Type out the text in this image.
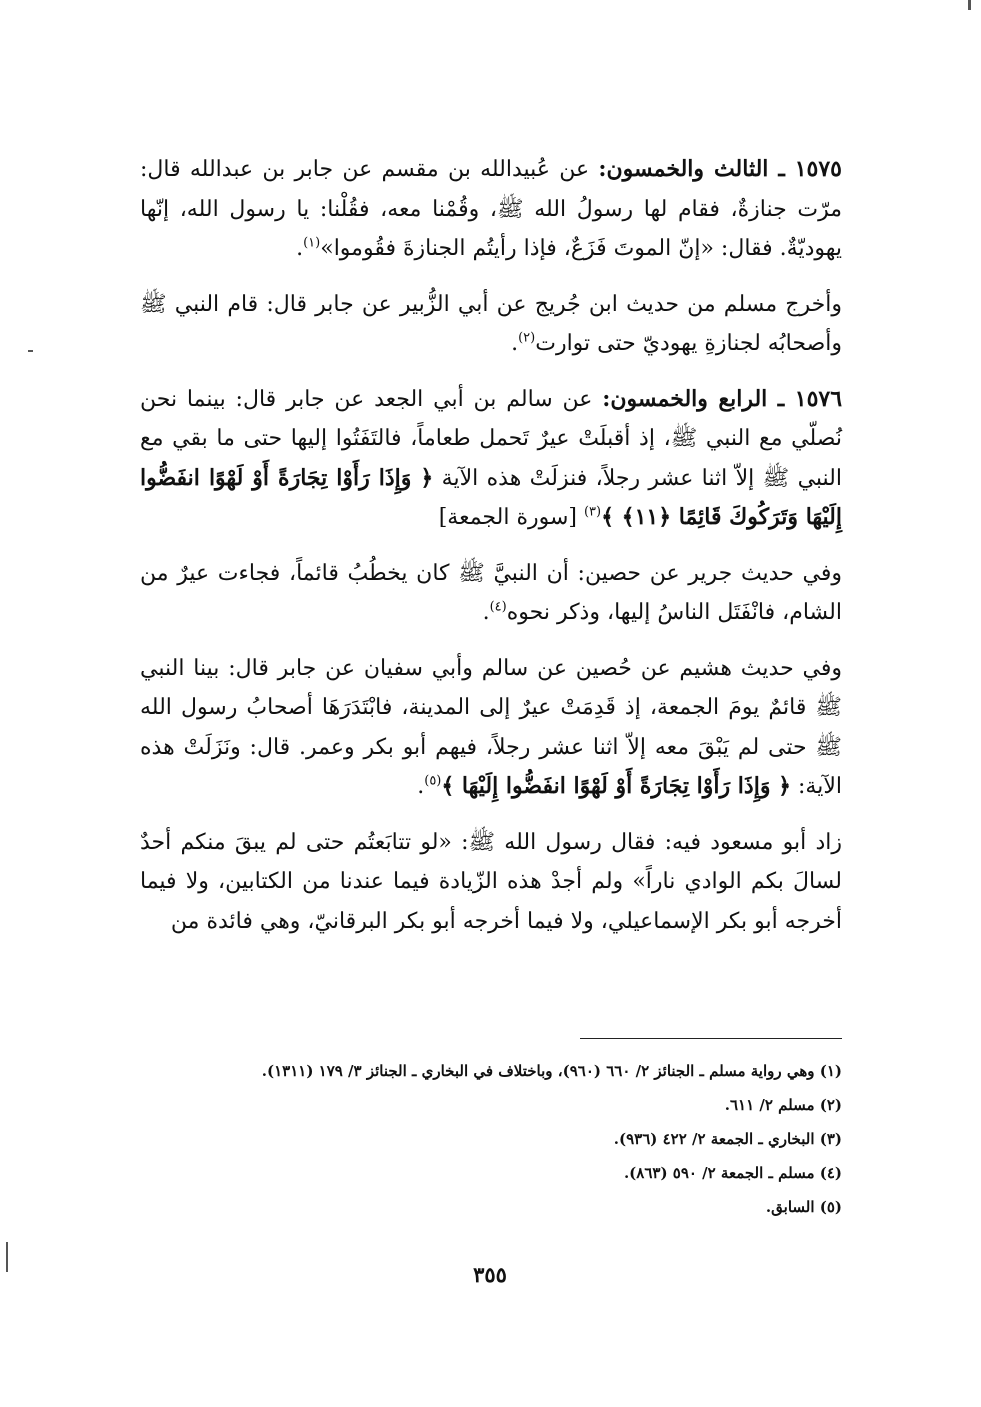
١٥٧٥ ـ الثالث والخمسون: عن عُبيدالله بن مقسم عن جابر بن عبدالله قال: مرّت جنازةٌ، فقام لها رسولُ الله ﷺ، وقُمْنا معه، فقُلْنا: يا رسول الله، إنّها يهوديّةٌ. فقال: «إنّ الموتَ فَزَعٌ، فإذا رأيتُم الجنازةَ فقُوموا»$^{(١)}$.

وأخرج مسلم من حديث ابن جُريج عن أبي الزُّبير عن جابر قال: قام النبي ﷺ وأصحابُه لجنازةِ يهوديّ حتى توارت$^{(٢)}$.

١٥٧٦ ـ الرابع والخمسون: عن سالم بن أبي الجعد عن جابر قال: بينما نحن نُصلّي مع النبي ﷺ، إذ أقبلَتْ عيرٌ تَحمل طعاماً، فالتَفَتُوا إليها حتى ما بقي مع النبي ﷺ إلاّ اثنا عشر رجلاً، فنزلَتْ هذه الآية ﴿ وَإِذَا رَأَوْا تِجَارَةً أَوْ لَهْوًا انفَضُّوا إِلَيْهَا وَتَرَكُوكَ قَائِمًا ﴿١١﴾ ﴾$^{(٣)}$ [سورة الجمعة]

وفي حديث جرير عن حصين: أن النبيَّ ﷺ كان يخطُبُ قائماً، فجاءت عيرٌ من الشام، فانْفَتَل الناسُ إليها، وذكر نحوه$^{(٤)}$.

وفي حديث هشيم عن حُصين عن سالم وأبي سفيان عن جابر قال: بينا النبي ﷺ قائمٌ يومَ الجمعة، إذ قَدِمَتْ عيرٌ إلى المدينة، فابْتَدَرَهَا أصحابُ رسول الله ﷺ حتى لم يَبْقَ معه إلاّ اثنا عشر رجلاً، فيهم أبو بكر وعمر. قال: ونَزَلَتْ هذه الآية: ﴿ وَإِذَا رَأَوْا تِجَارَةً أَوْ لَهْوًا انفَضُّوا إِلَيْهَا ﴾$^{(٥)}$.

زاد أبو مسعود فيه: فقال رسول الله ﷺ: «لو تتابَعتُم حتى لم يبقَ منكم أحدٌ لسالَ بكم الوادي ناراً» ولم أجدْ هذه الزّيادة فيما عندنا من الكتابين، ولا فيما أخرجه أبو بكر الإسماعيلي، ولا فيما أخرجه أبو بكر البرقانيّ، وهي فائدة من

(١) وهي رواية مسلم ـ الجنائز ٢/ ٦٦٠ (٩٦٠)، وباختلاف في البخاري ـ الجنائز ٣/ ١٧٩ (١٣١١).

(٢) مسلم ٢/ ٦١١.

(٣) البخاري ـ الجمعة ٢/ ٤٢٢ (٩٣٦).

(٤) مسلم ـ الجمعة ٢/ ٥٩٠ (٨٦٣).

(٥) السابق.

٣٥٥
